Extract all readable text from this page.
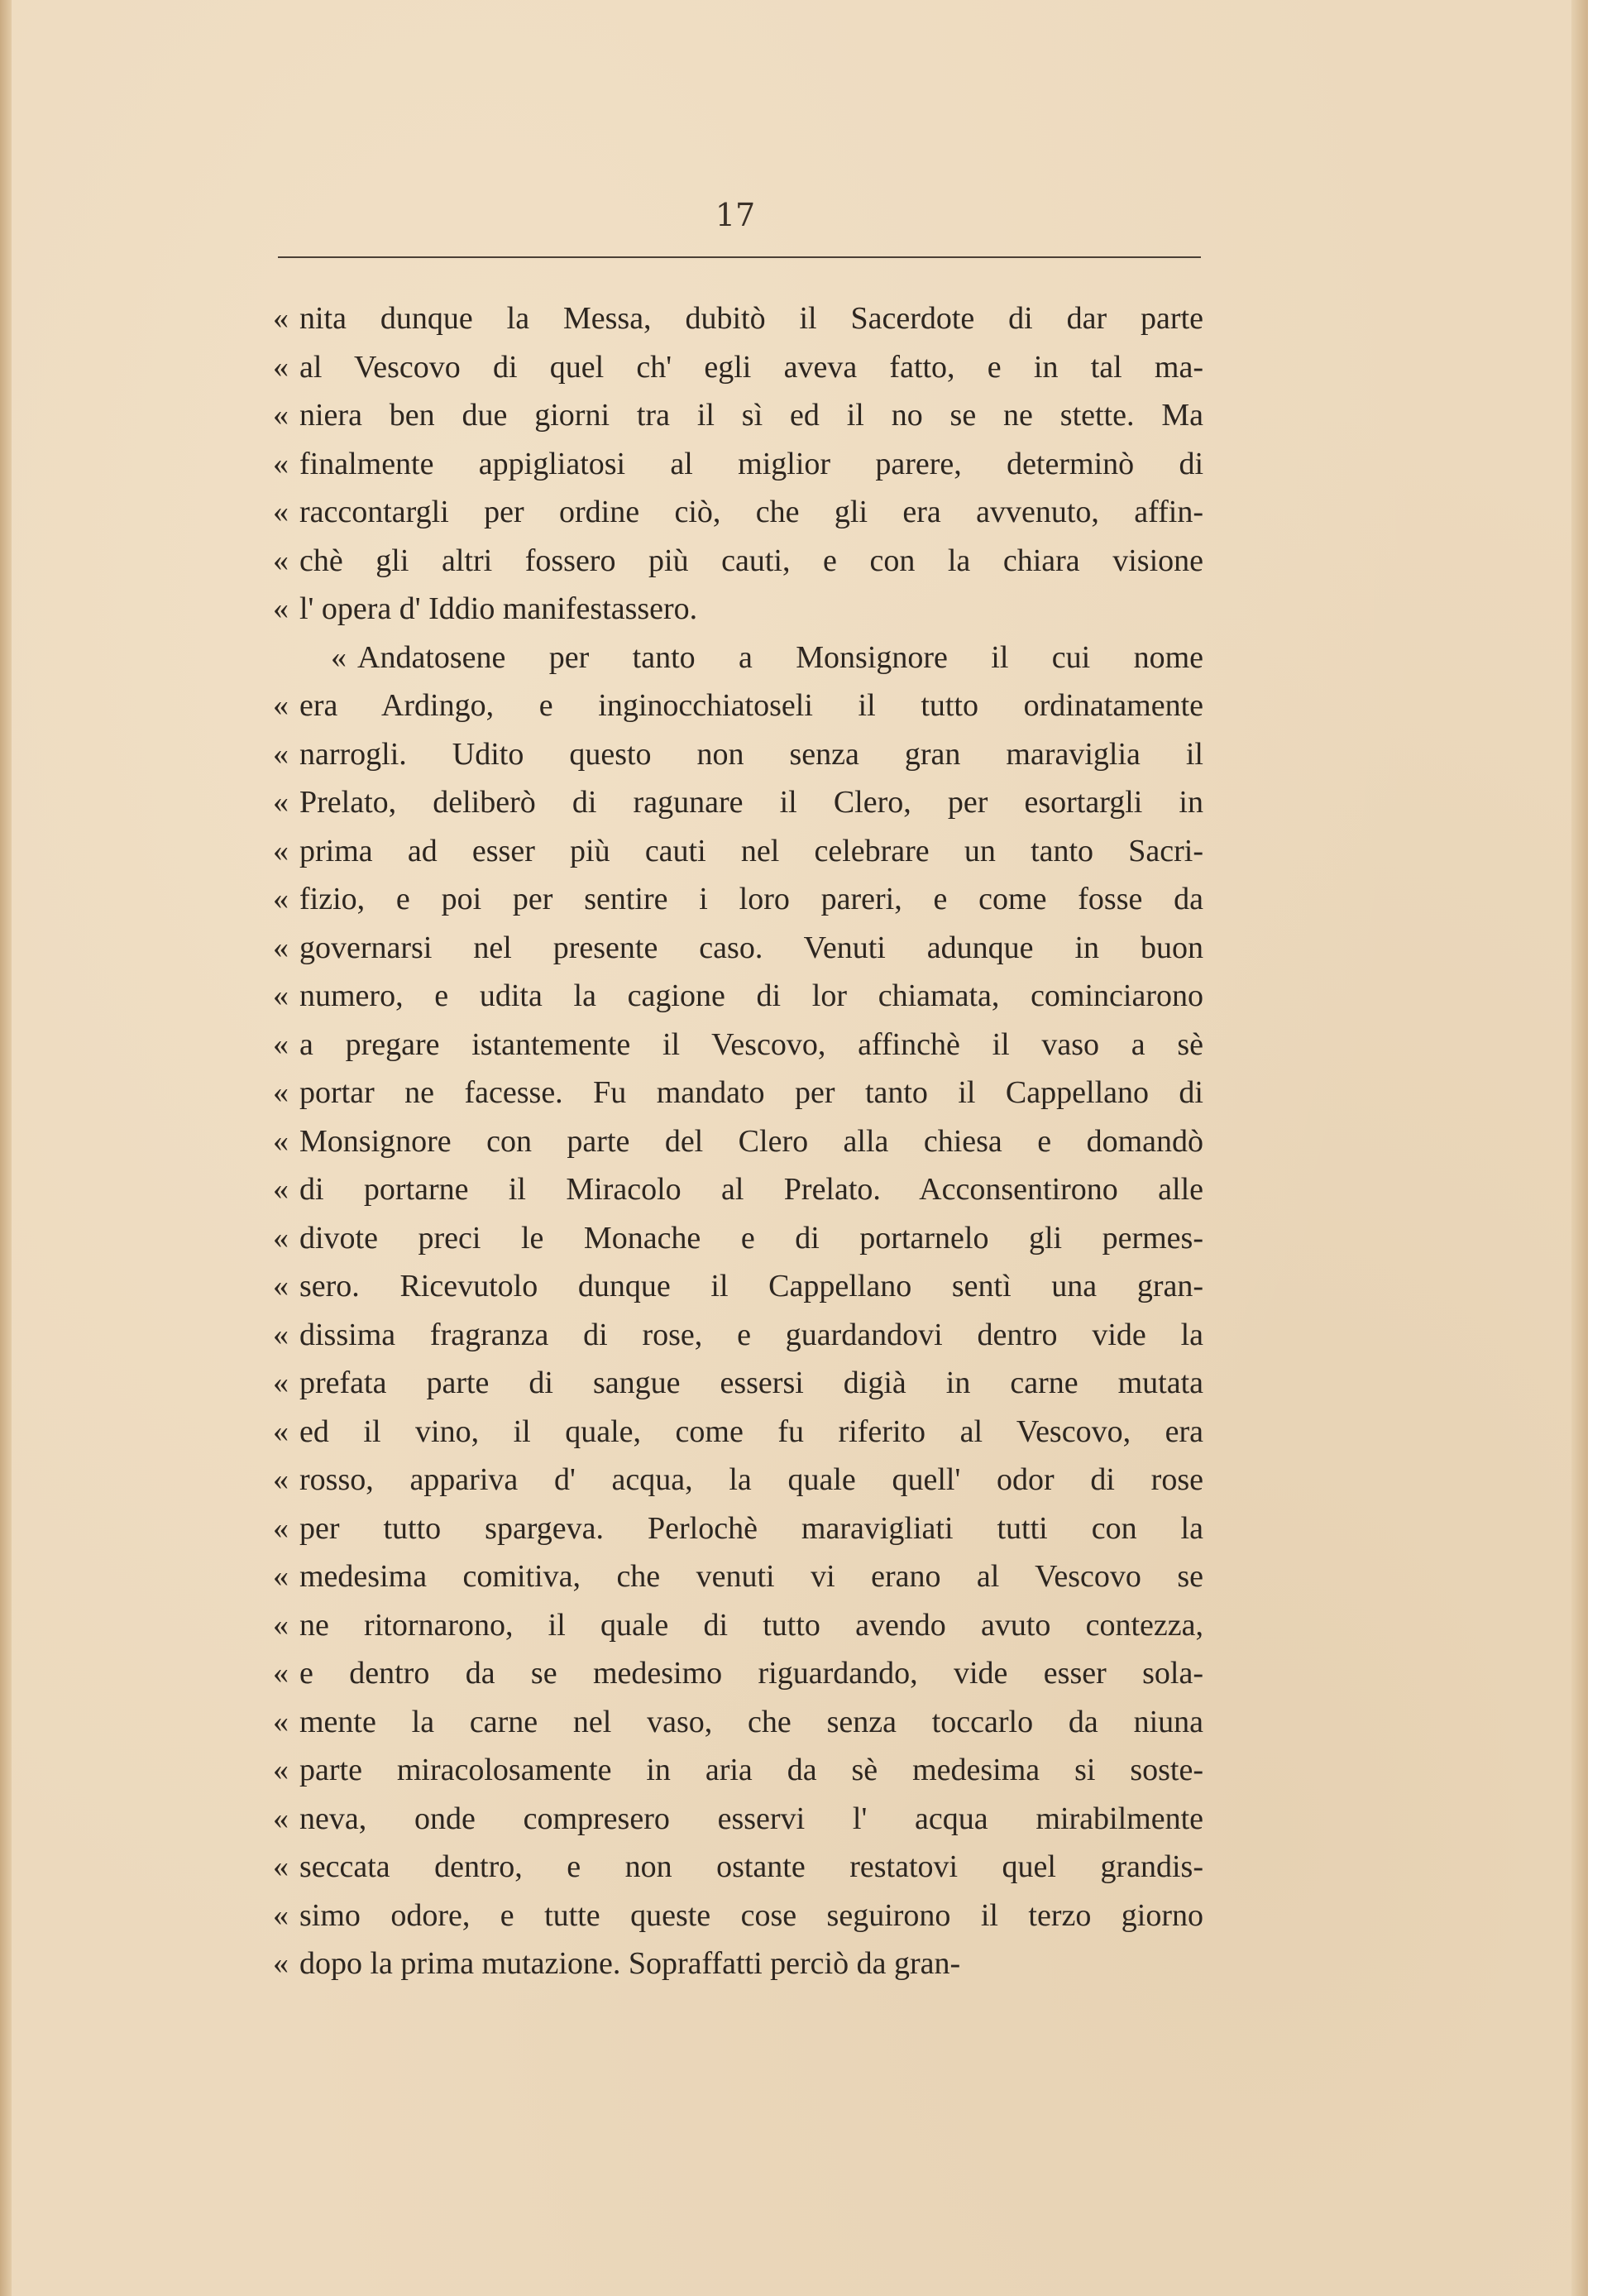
17
« nita dunque la Messa, dubitò il Sacerdote di dar parte
« al Vescovo di quel ch' egli aveva fatto, e in tal ma-
« niera ben due giorni tra il sì ed il no se ne stette. Ma
« finalmente appigliatosi al miglior parere, determinò di
« raccontargli per ordine ciò, che gli era avvenuto, affin-
« chè gli altri fossero più cauti, e con la chiara visione
« l' opera d' Iddio manifestassero.
« Andatosene per tanto a Monsignore il cui nome
« era Ardingo, e inginocchiatoseli il tutto ordinatamente
« narrogli. Udito questo non senza gran maraviglia il
« Prelato, deliberò di ragunare il Clero, per esortargli in
« prima ad esser più cauti nel celebrare un tanto Sacri-
« fizio, e poi per sentire i loro pareri, e come fosse da
« governarsi nel presente caso. Venuti adunque in buon
« numero, e udita la cagione di lor chiamata, cominciarono
« a pregare istantemente il Vescovo, affinchè il vaso a sè
« portar ne facesse. Fu mandato per tanto il Cappellano di
« Monsignore con parte del Clero alla chiesa e domandò
« di portarne il Miracolo al Prelato. Acconsentirono alle
« divote preci le Monache e di portarnelo gli permes-
« sero. Ricevutolo dunque il Cappellano sentì una gran-
« dissima fragranza di rose, e guardandovi dentro vide la
« prefata parte di sangue essersi digià in carne mutata
« ed il vino, il quale, come fu riferito al Vescovo, era
« rosso, appariva d' acqua, la quale quell' odor di rose
« per tutto spargeva. Perlochè maravigliati tutti con la
« medesima comitiva, che venuti vi erano al Vescovo se
« ne ritornarono, il quale di tutto avendo avuto contezza,
« e dentro da se medesimo riguardando, vide esser sola-
« mente la carne nel vaso, che senza toccarlo da niuna
« parte miracolosamente in aria da sè medesima si soste-
« neva, onde compresero esservi l' acqua mirabilmente
« seccata dentro, e non ostante restatovi quel grandis-
« simo odore, e tutte queste cose seguirono il terzo giorno
« dopo la prima mutazione. Sopraffatti perciò da gran-
